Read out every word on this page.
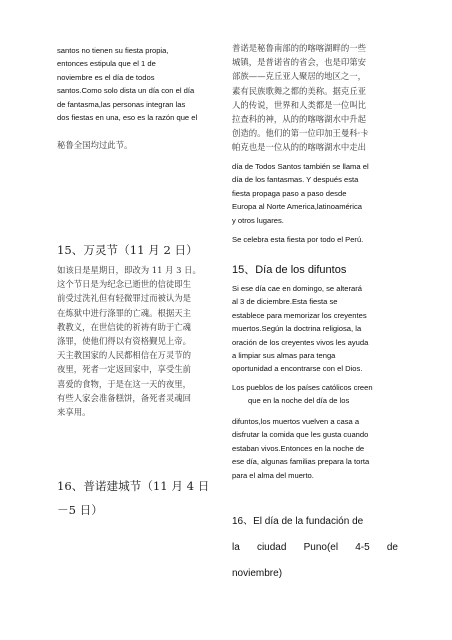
santos no tienen su fiesta propia,
entonces estipula que el 1 de
noviembre es el día de todos
santos.Como solo dista un día con el día
de fantasma,las personas integran las
dos fiestas en una, eso es la razón que el
秘鲁全国均过此节。
15、万灵节（11 月 2 日）
如该日是星期日，即改为 11 月 3 日。
这个节日是为纪念已逝世的信徒即生
前受过洗礼但有轻微罪过而被认为是
在炼狱中进行涤罪的亡魂。根据天主
教教义，在世信徒的祈祷有助于亡魂
涤罪，使他们得以有资格觐见上帝。
天主教国家的人民都相信在万灵节的
夜里，死者一定返回家中，享受生前
喜爱的食物，于是在这一天的夜里，
有些人家会准备糕饼，备死者灵魂回
来享用。
16、普诺建城节（11 月 4 日
－5 日）
普诺是秘鲁南部的的喀喀湖畔的一些
城镇，是普诺省的省会，也是印第安
部族——克丘亚人聚居的地区之一，
素有民族歌舞之都的美称。据克丘亚
人的传说，世界和人类都是一位叫比
拉查科的神，从的的喀喀湖水中升起
创造的。他们的第一位印加王曼科·卡
帕克也是一位从的的喀喀湖水中走出
día de Todos Santos también se llama el
día de los fantasmas. Y después esta
fiesta propaga paso a paso desde
Europa al Norte America,latinoamérica
y otros lugares.
Se celebra esta fiesta por todo el Perú.
15、Día de los difuntos
Si ese día cae en domingo, se alterará
al 3 de diciembre.Esta fiesta se
establece para memorizar los creyentes
muertos.Según la doctrina religiosa, la
oración de los creyentes vivos les ayuda
a limpiar sus almas para tenga
oportunidad a encontrarse con el Dios.
Los pueblos de los países católicos creen
que en la noche del día de los
difuntos,los muertos vuelven a casa a
disfrutar la comida que les gusta cuando
estaban vivos.Entonces en la noche de
ese día, algunas familias prepara la torta
para el alma del muerto.
16、El día de la fundación de
la ciudad Puno(el 4-5 de
noviembre)
